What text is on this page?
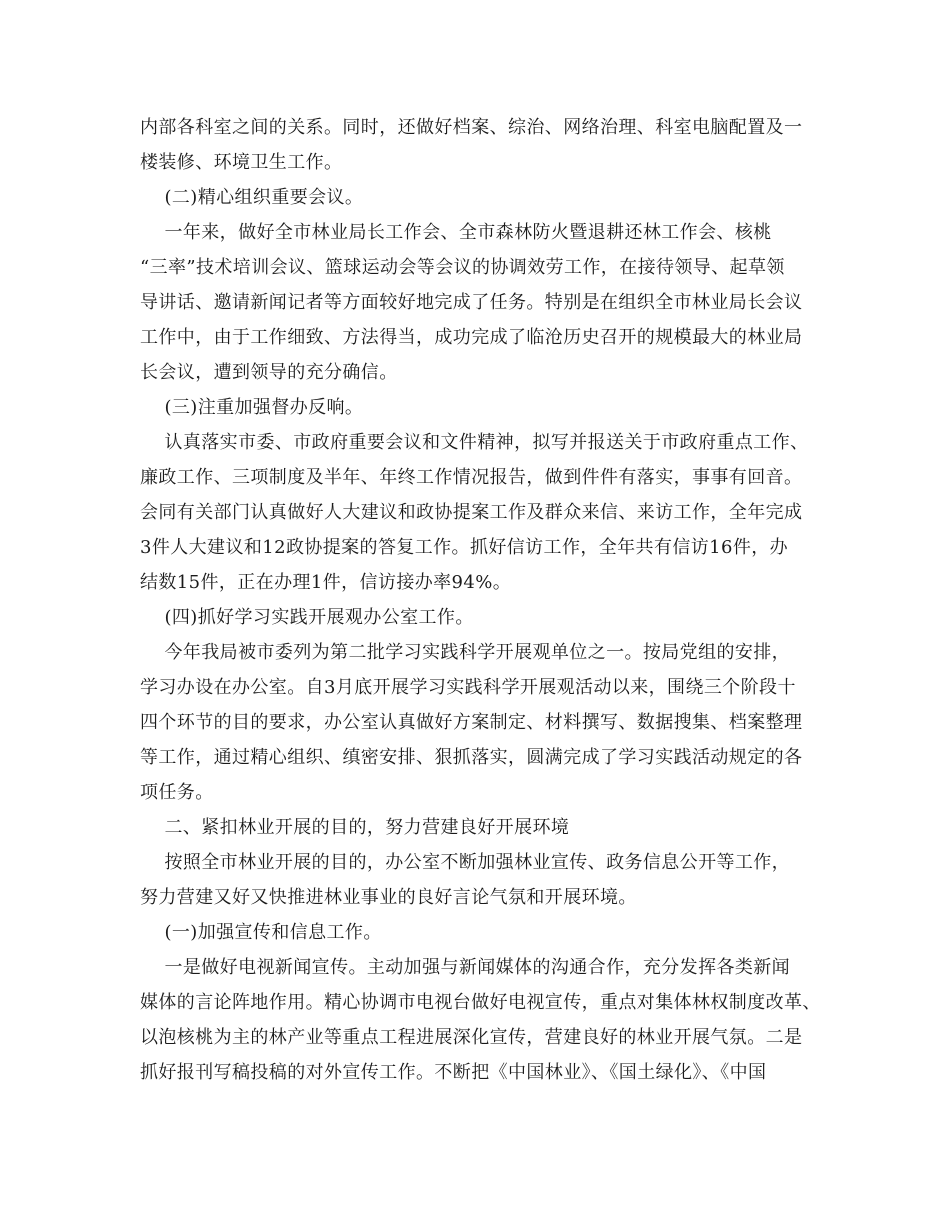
内部各科室之间的关系。同时，还做好档案、综治、网络治理、科室电脑配置及一

楼装修、环境卫生工作。

(二)精心组织重要会议。

一年来，做好全市林业局长工作会、全市森林防火暨退耕还林工作会、核桃

“三率”技术培训会议、篮球运动会等会议的协调效劳工作，在接待领导、起草领

导讲话、邀请新闻记者等方面较好地完成了任务。特别是在组织全市林业局长会议

工作中，由于工作细致、方法得当，成功完成了临沧历史召开的规模最大的林业局

长会议，遭到领导的充分确信。

(三)注重加强督办反响。

认真落实市委、市政府重要会议和文件精神，拟写并报送关于市政府重点工作、

廉政工作、三项制度及半年、年终工作情况报告，做到件件有落实，事事有回音。

会同有关部门认真做好人大建议和政协提案工作及群众来信、来访工作，全年完成

3件人大建议和12政协提案的答复工作。抓好信访工作，全年共有信访16件，办

结数15件，正在办理1件，信访接办率94%。

(四)抓好学习实践开展观办公室工作。

今年我局被市委列为第二批学习实践科学开展观单位之一。按局党组的安排，

学习办设在办公室。自3月底开展学习实践科学开展观活动以来，围绕三个阶段十

四个环节的目的要求，办公室认真做好方案制定、材料撰写、数据搜集、档案整理

等工作，通过精心组织、缜密安排、狠抓落实，圆满完成了学习实践活动规定的各

项任务。

二、紧扣林业开展的目的，努力营建良好开展环境

按照全市林业开展的目的，办公室不断加强林业宣传、政务信息公开等工作，

努力营建又好又快推进林业事业的良好言论气氛和开展环境。

(一)加强宣传和信息工作。

一是做好电视新闻宣传。主动加强与新闻媒体的沟通合作，充分发挥各类新闻

媒体的言论阵地作用。精心协调市电视台做好电视宣传，重点对集体林权制度改革、

以泡核桃为主的林产业等重点工程进展深化宣传，营建良好的林业开展气氛。二是

抓好报刊写稿投稿的对外宣传工作。不断把《中国林业》、《国土绿化》、《中国
